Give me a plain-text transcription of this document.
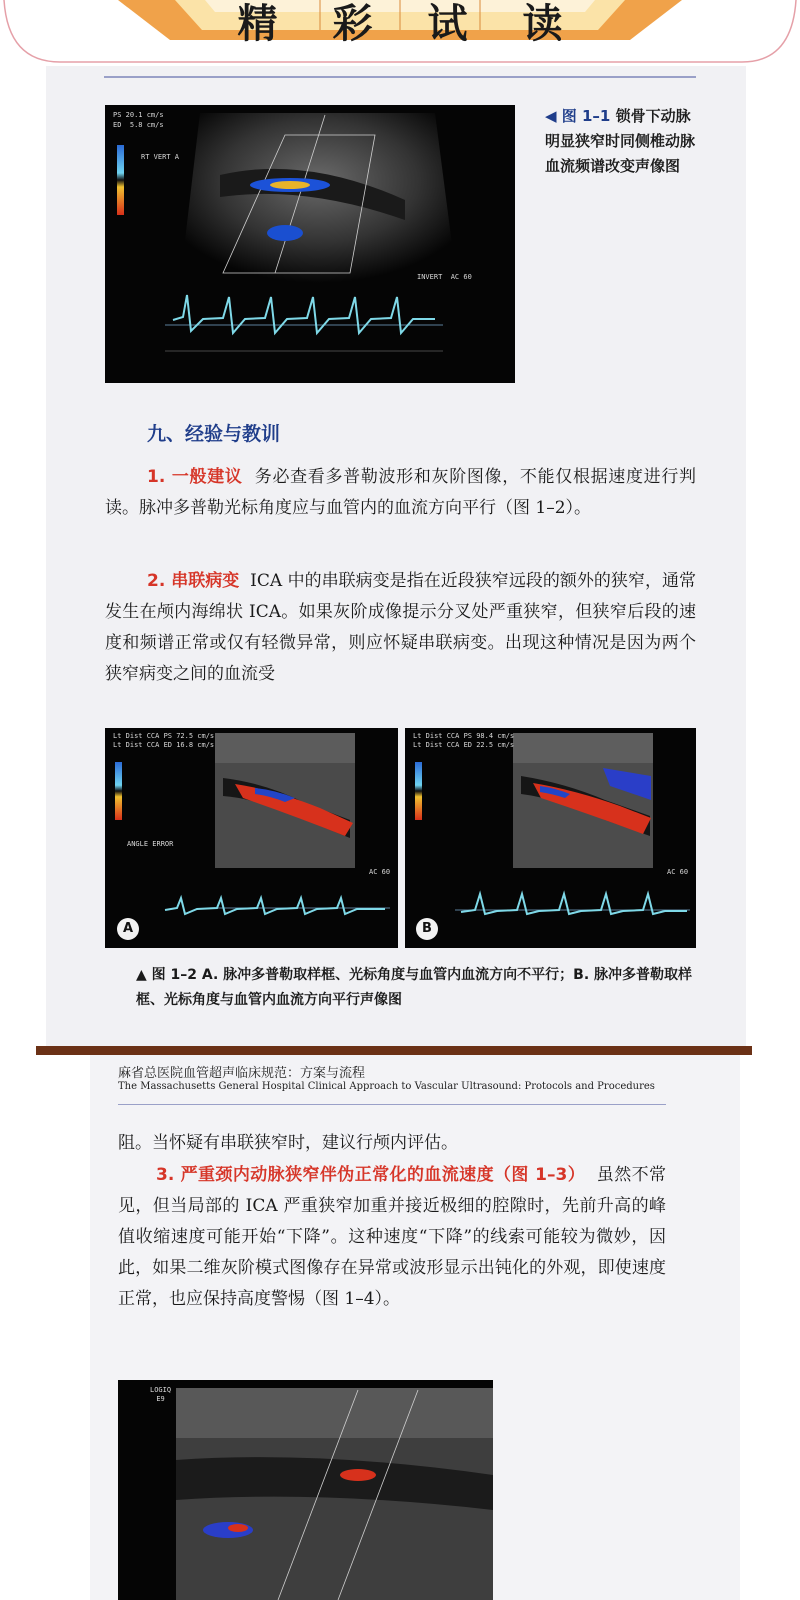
精	彩	试	读
PS 20.1 cm/s
ED  5.8 cm/s
RT VERT A
INVERT  AC 60
◀ 图 1–1 锁骨下动脉明显狭窄时同侧椎动脉血流频谱改变声像图
九、经验与教训
1. 一般建议 务必查看多普勒波形和灰阶图像，不能仅根据速度进行判读。脉冲多普勒光标角度应与血管内的血流方向平行（图 1–2）。
2. 串联病变 ICA 中的串联病变是指在近段狭窄远段的额外的狭窄，通常发生在颅内海绵状 ICA。如果灰阶成像提示分叉处严重狭窄，但狭窄后段的速度和频谱正常或仅有轻微异常，则应怀疑串联病变。出现这种情况是因为两个狭窄病变之间的血流受
Lt Dist CCA PS 72.5 cm/s
Lt Dist CCA ED 16.8 cm/s
ANGLE ERROR
AC 60
A
Lt Dist CCA PS 98.4 cm/s
Lt Dist CCA ED 22.5 cm/s
AC 60
B
▲ 图 1–2 A. 脉冲多普勒取样框、光标角度与血管内血流方向不平行；B. 脉冲多普勒取样框、光标角度与血管内血流方向平行声像图
麻省总医院血管超声临床规范：方案与流程
The Massachusetts General Hospital Clinical Approach to Vascular Ultrasound: Protocols and Procedures
阻。当怀疑有串联狭窄时，建议行颅内评估。
3. 严重颈内动脉狭窄伴伪正常化的血流速度（图 1–3） 虽然不常见，但当局部的 ICA 严重狭窄加重并接近极细的腔隙时，先前升高的峰值收缩速度可能开始“下降”。这种速度“下降”的线索可能较为微妙，因此，如果二维灰阶模式图像存在异常或波形显示出钝化的外观，即使速度正常，也应保持高度警惕（图 1–4）。
LOGIQ
E9
